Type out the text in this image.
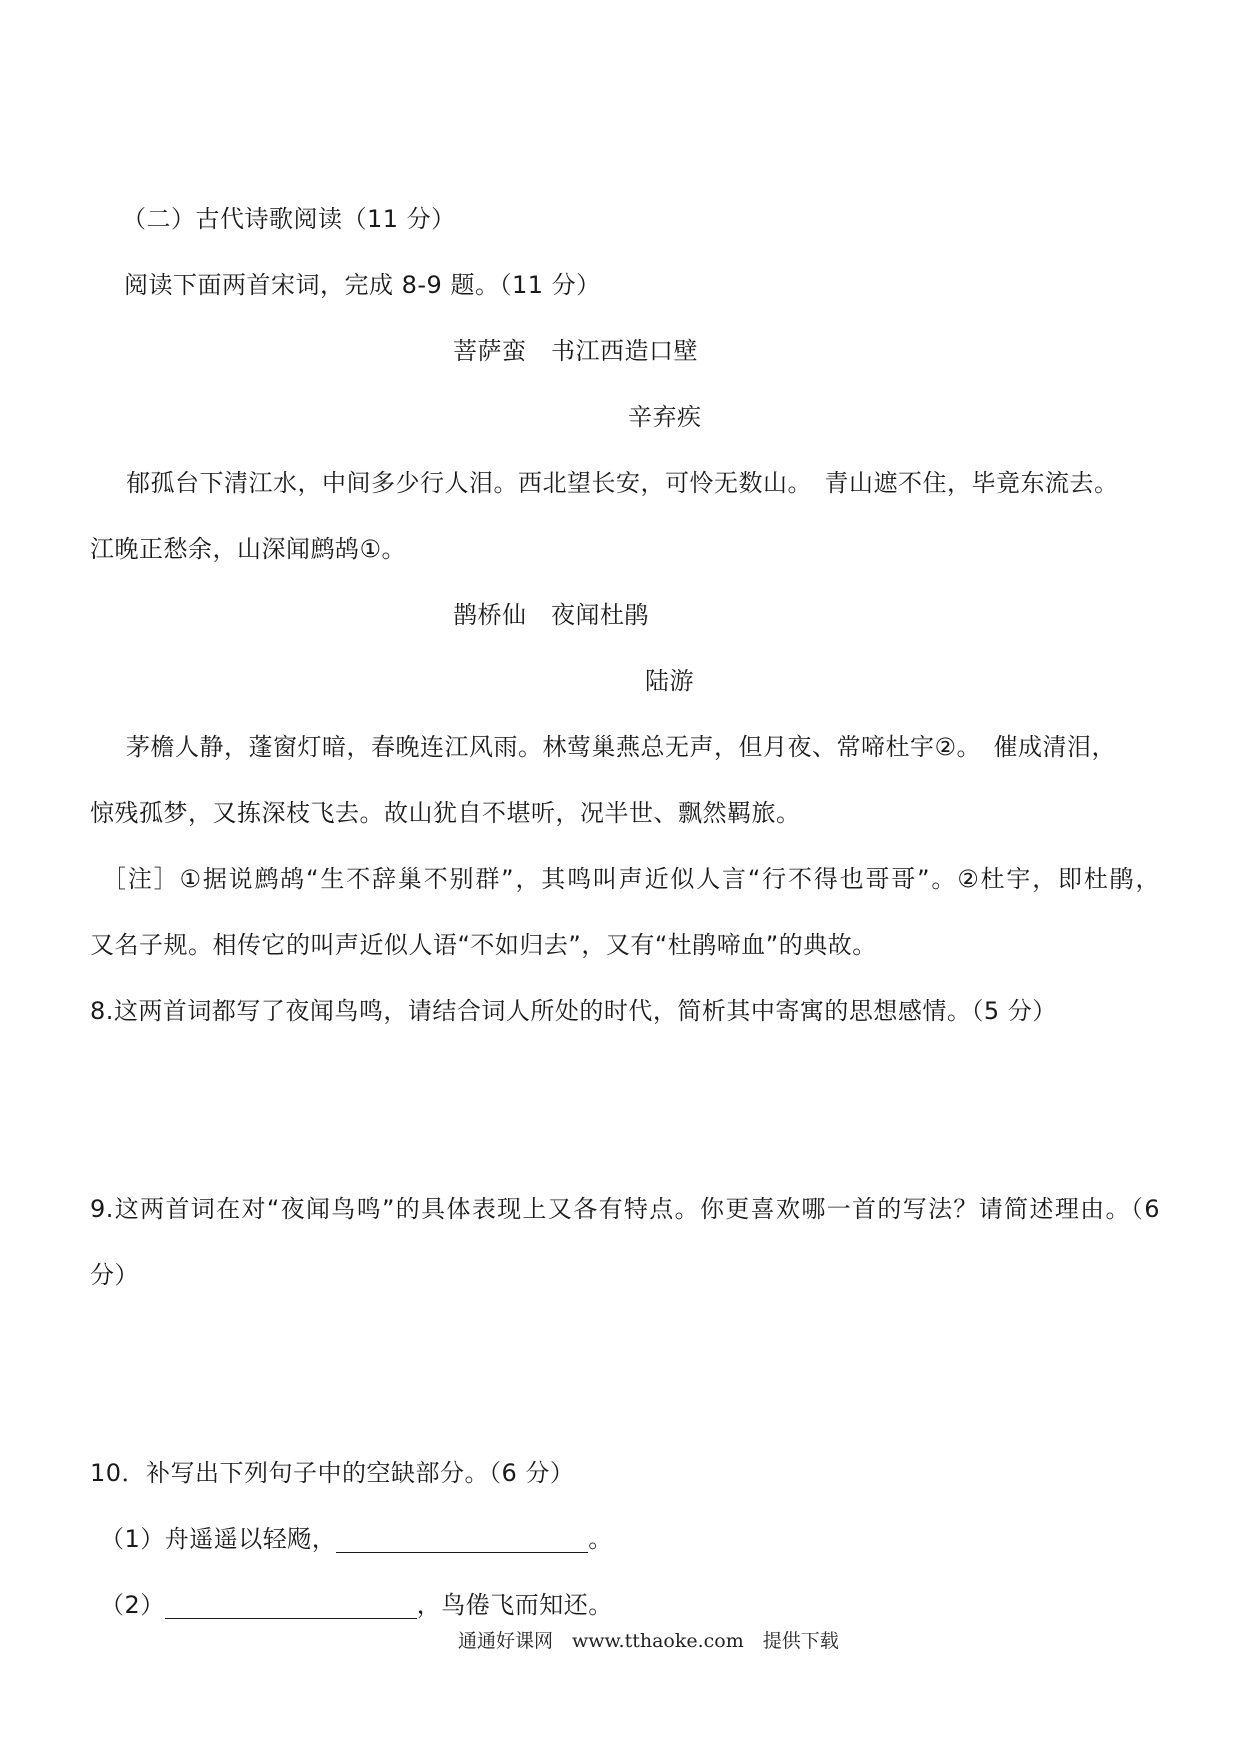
（二）古代诗歌阅读（11 分）
阅读下面两首宋词，完成 8-9 题。（11 分）
菩萨蛮　书江西造口壁
辛弃疾
郁孤台下清江水，中间多少行人泪。西北望长安，可怜无数山。　青山遮不住，毕竟东流去。
江晚正愁余，山深闻鹧鸪①。
鹊桥仙　夜闻杜鹃
陆游
茅檐人静，蓬窗灯暗，春晚连江风雨。林莺巢燕总无声，但月夜、常啼杜宇②。　催成清泪，
惊残孤梦，又拣深枝飞去。故山犹自不堪听，况半世、飘然羁旅。
［注］①据说鹧鸪“生不辞巢不别群”，其鸣叫声近似人言“行不得也哥哥”。②杜宇，即杜鹃，
又名子规。相传它的叫声近似人语“不如归去”，又有“杜鹃啼血”的典故。
8.这两首词都写了夜闻鸟鸣，请结合词人所处的时代，简析其中寄寓的思想感情。（5 分）
9.这两首词在对“夜闻鸟鸣”的具体表现上又各有特点。你更喜欢哪一首的写法？请简述理由。（6
分）
10．补写出下列句子中的空缺部分。（6 分）
（1）舟遥遥以轻飏，	。
（2）	，鸟倦飞而知还。
通通好课网　www.tthaoke.com　提供下载
